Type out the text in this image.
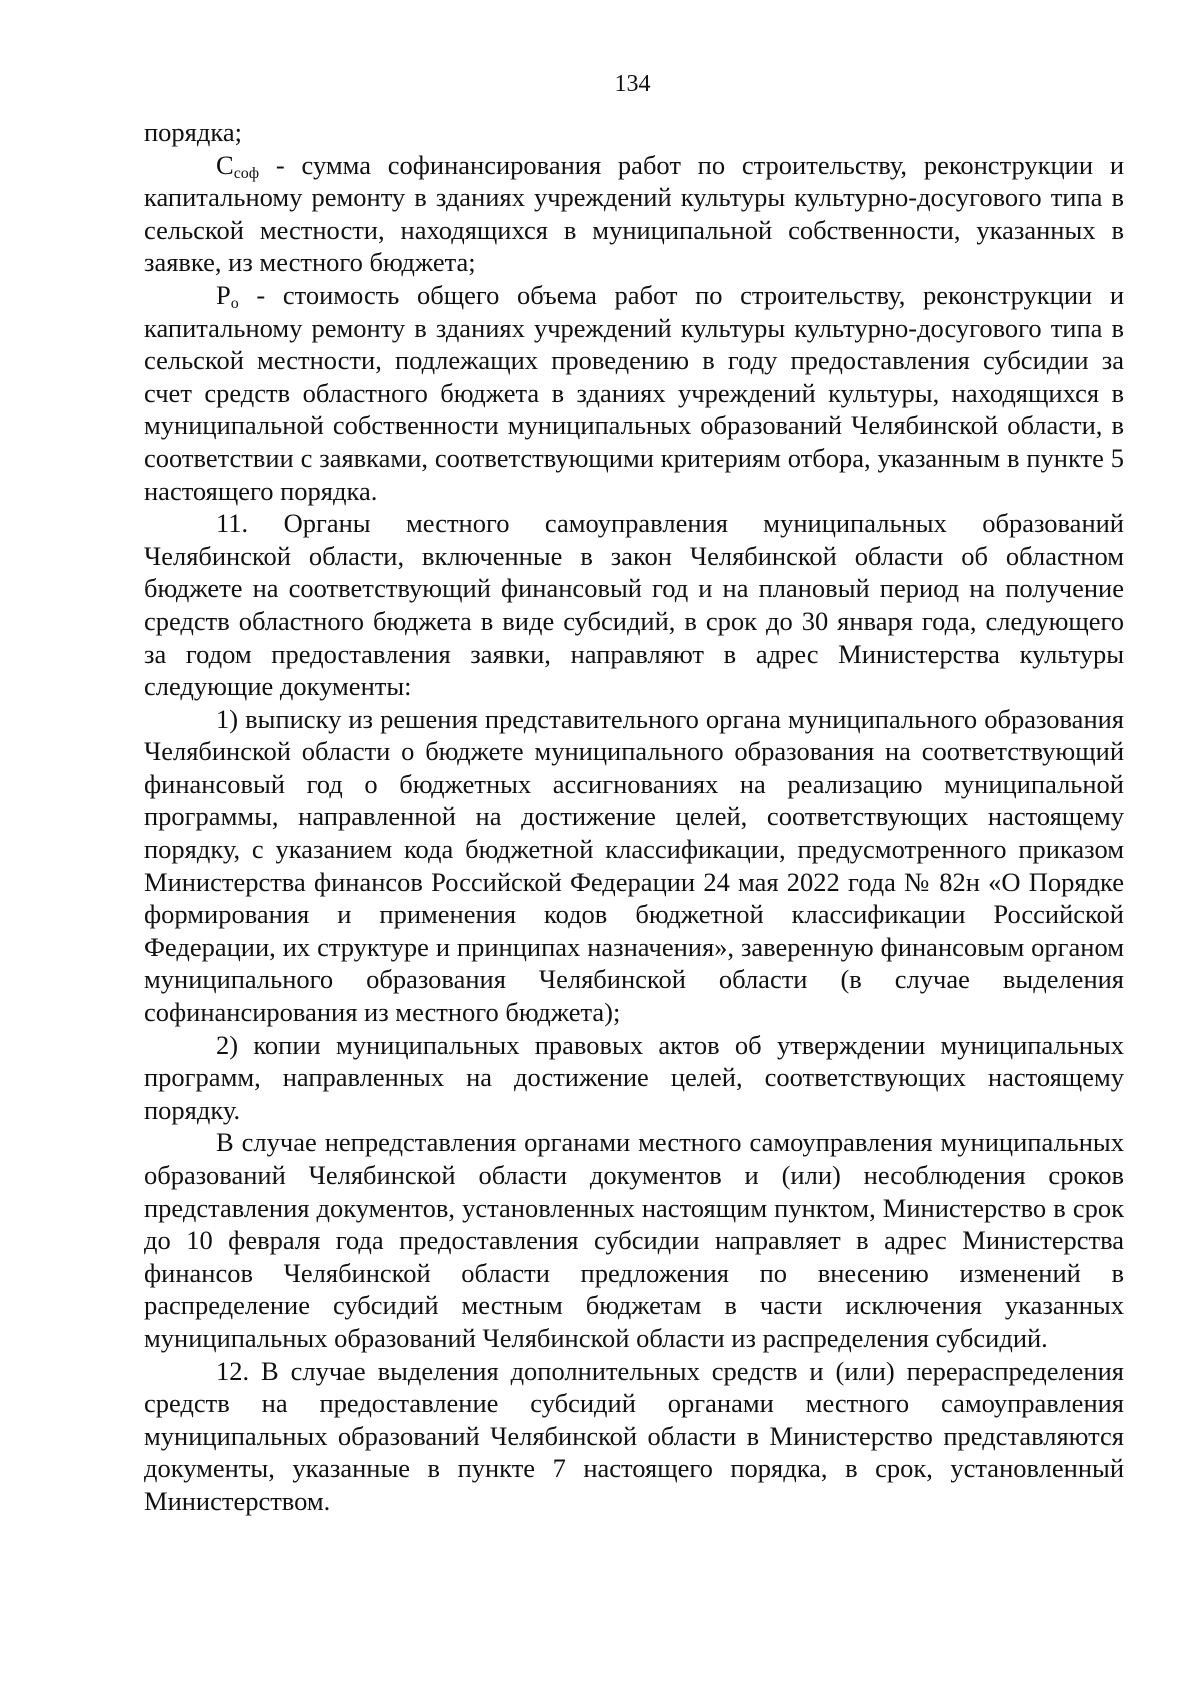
134

порядка;

$С_{соф}$ - сумма софинансирования работ по строительству, реконструкции и капитальному ремонту в зданиях учреждений культуры культурно-досугового типа в сельской местности, находящихся в муниципальной собственности, указанных в заявке, из местного бюджета;

$Р_о$ - стоимость общего объема работ по строительству, реконструкции и капитальному ремонту в зданиях учреждений культуры культурно-досугового типа в сельской местности, подлежащих проведению в году предоставления субсидии за счет средств областного бюджета в зданиях учреждений культуры, находящихся в муниципальной собственности муниципальных образований Челябинской области, в соответствии с заявками, соответствующими критериям отбора, указанным в пункте 5 настоящего порядка.

11. Органы местного самоуправления муниципальных образований Челябинской области, включенные в закон Челябинской области об областном бюджете на соответствующий финансовый год и на плановый период на получение средств областного бюджета в виде субсидий, в срок до 30 января года, следующего за годом предоставления заявки, направляют в адрес Министерства культуры следующие документы:

1) выписку из решения представительного органа муниципального образования Челябинской области о бюджете муниципального образования на соответствующий финансовый год о бюджетных ассигнованиях на реализацию муниципальной программы, направленной на достижение целей, соответствующих настоящему порядку, с указанием кода бюджетной классификации, предусмотренного приказом Министерства финансов Российской Федерации 24 мая 2022 года № 82н «О Порядке формирования и применения кодов бюджетной классификации Российской Федерации, их структуре и принципах назначения», заверенную финансовым органом муниципального образования Челябинской области (в случае выделения софинансирования из местного бюджета);

2) копии муниципальных правовых актов об утверждении муниципальных программ, направленных на достижение целей, соответствующих настоящему порядку.

В случае непредставления органами местного самоуправления муниципальных образований Челябинской области документов и (или) несоблюдения сроков представления документов, установленных настоящим пунктом, Министерство в срок до 10 февраля года предоставления субсидии направляет в адрес Министерства финансов Челябинской области предложения по внесению изменений в распределение субсидий местным бюджетам в части исключения указанных муниципальных образований Челябинской области из распределения субсидий.

12. В случае выделения дополнительных средств и (или) перераспределения средств на предоставление субсидий органами местного самоуправления муниципальных образований Челябинской области в Министерство представляются документы, указанные в пункте 7 настоящего порядка, в срок, установленный Министерством.
